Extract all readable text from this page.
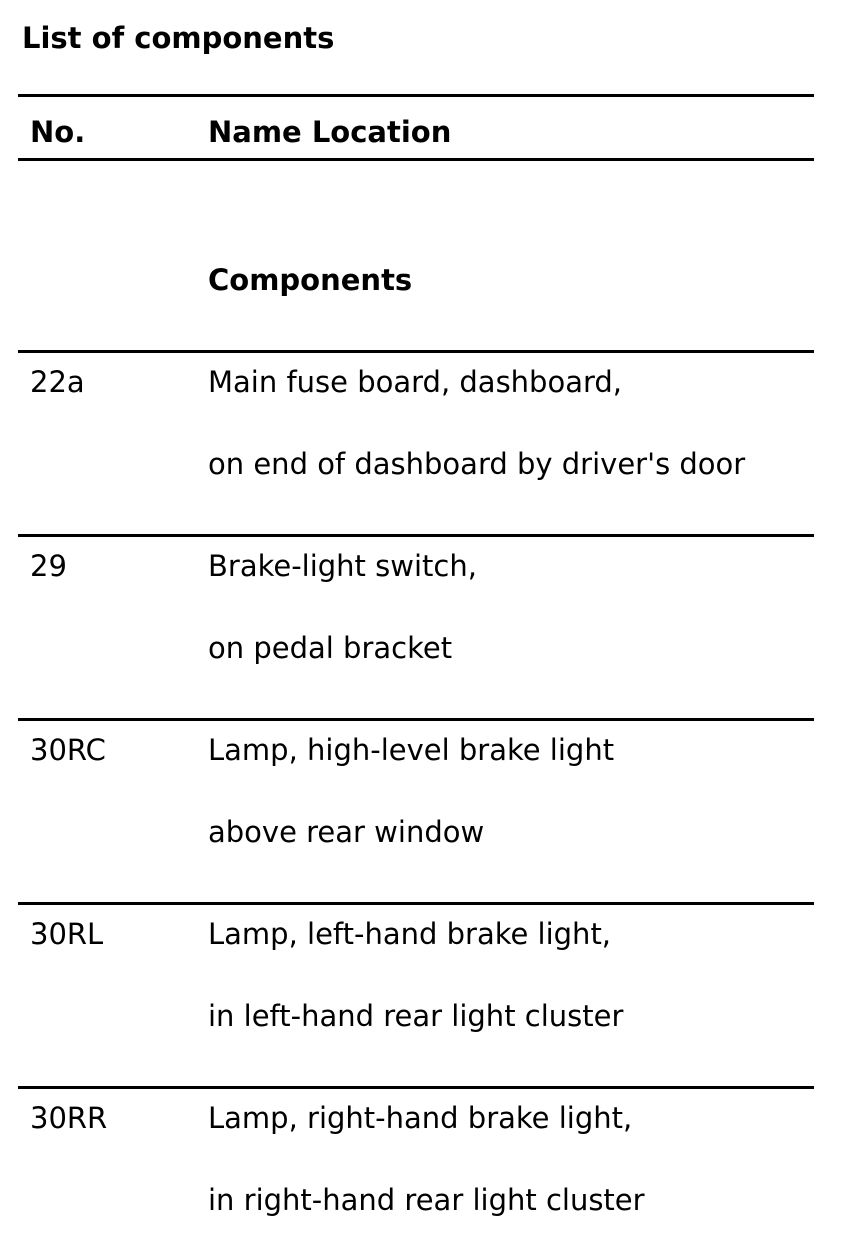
List of components
No.	Name Location
Components
22a	Main fuse board, dashboard,
on end of dashboard by driver's door
29	Brake-light switch,
on pedal bracket
30RC	Lamp, high-level brake light
above rear window
30RL	Lamp, left-hand brake light,
in left-hand rear light cluster
30RR	Lamp, right-hand brake light,
in right-hand rear light cluster
